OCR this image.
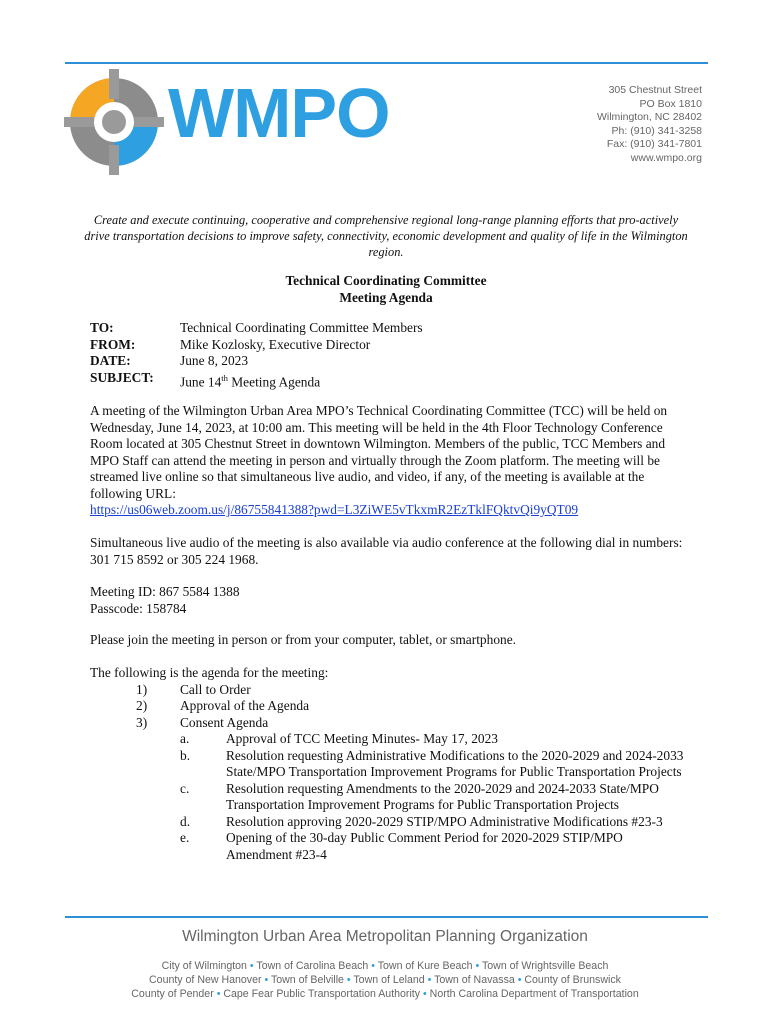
WMPO	305 Chestnut Street
PO Box 1810
Wilmington, NC 28402
Ph: (910) 341-3258
Fax: (910) 341-7801
www.wmpo.org
Create and execute continuing, cooperative and comprehensive regional long-range planning efforts that pro-actively drive transportation decisions to improve safety, connectivity, economic development and quality of life in the Wilmington region.
Technical Coordinating Committee
Meeting Agenda
TO:	Technical Coordinating Committee Members
FROM:	Mike Kozlosky, Executive Director
DATE:	June 8, 2023
SUBJECT:	June 14th Meeting Agenda
A meeting of the Wilmington Urban Area MPO’s Technical Coordinating Committee (TCC) will be held on Wednesday, June 14, 2023, at 10:00 am. This meeting will be held in the 4th Floor Technology Conference Room located at 305 Chestnut Street in downtown Wilmington. Members of the public, TCC Members and MPO Staff can attend the meeting in person and virtually through the Zoom platform. The meeting will be streamed live online so that simultaneous live audio, and video, if any, of the meeting is available at the following URL:
https://us06web.zoom.us/j/86755841388?pwd=L3ZiWE5vTkxmR2EzTklFQktvQi9yQT09
Simultaneous live audio of the meeting is also available via audio conference at the following dial in numbers: 301 715 8592 or 305 224 1968.
Meeting ID: 867 5584 1388
Passcode: 158784
Please join the meeting in person or from your computer, tablet, or smartphone.
The following is the agenda for the meeting:
1)	Call to Order
2)	Approval of the Agenda
3)	Consent Agenda
a.	Approval of TCC Meeting Minutes- May 17, 2023
b.	Resolution requesting Administrative Modifications to the 2020-2029 and 2024-2033 State/MPO Transportation Improvement Programs for Public Transportation Projects
c.	Resolution requesting Amendments to the 2020-2029 and 2024-2033 State/MPO Transportation Improvement Programs for Public Transportation Projects
d.	Resolution approving 2020-2029 STIP/MPO Administrative Modifications #23-3
e.	Opening of the 30-day Public Comment Period for 2020-2029 STIP/MPO Amendment #23-4
Wilmington Urban Area Metropolitan Planning Organization
City of Wilmington • Town of Carolina Beach • Town of Kure Beach • Town of Wrightsville Beach
County of New Hanover • Town of Belville • Town of Leland • Town of Navassa • County of Brunswick
County of Pender • Cape Fear Public Transportation Authority • North Carolina Department of Transportation
